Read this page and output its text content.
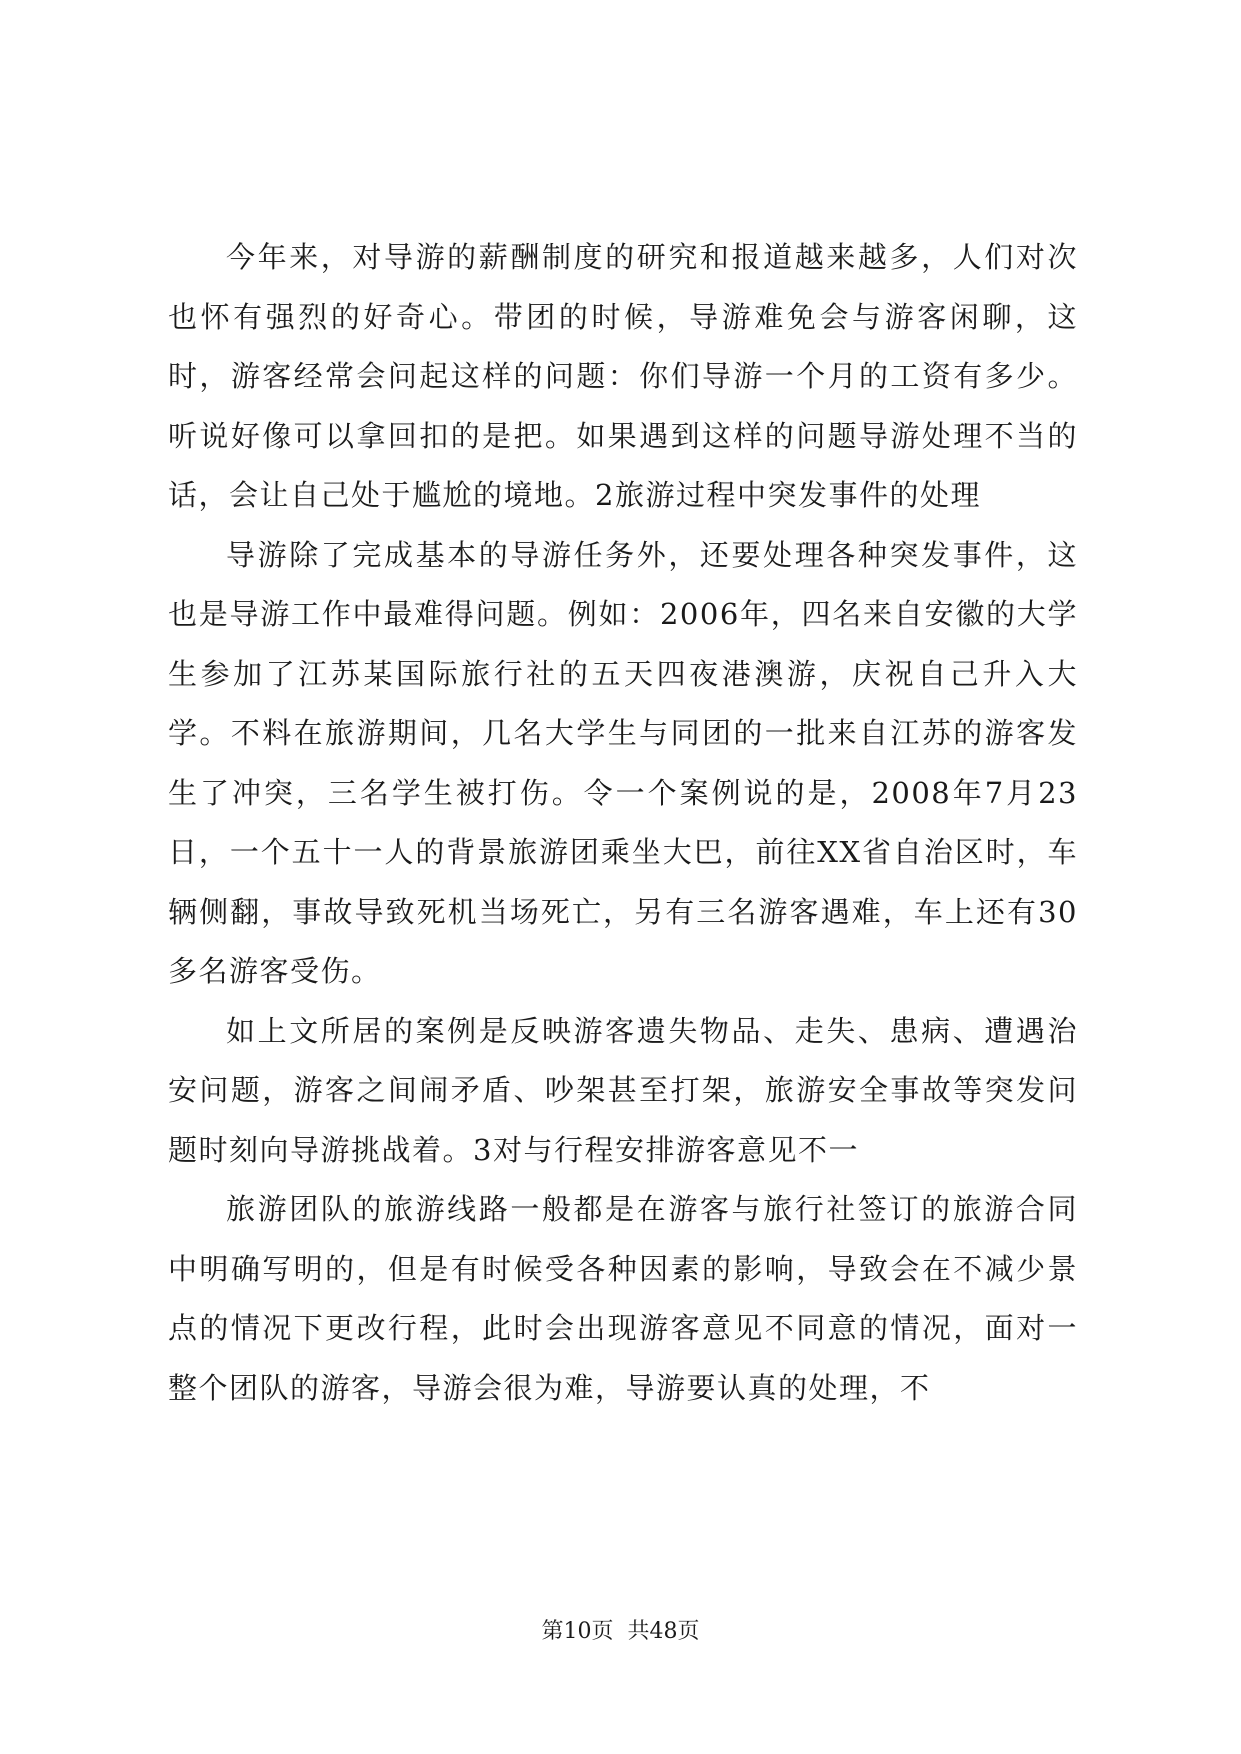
今年来，对导游的薪酬制度的研究和报道越来越多，人们对次也怀有强烈的好奇心。带团的时候，导游难免会与游客闲聊，这时，游客经常会问起这样的问题：你们导游一个月的工资有多少。听说好像可以拿回扣的是把。如果遇到这样的问题导游处理不当的话，会让自己处于尴尬的境地。2旅游过程中突发事件的处理

导游除了完成基本的导游任务外，还要处理各种突发事件，这也是导游工作中最难得问题。例如：2006年，四名来自安徽的大学生参加了江苏某国际旅行社的五天四夜港澳游，庆祝自己升入大学。不料在旅游期间，几名大学生与同团的一批来自江苏的游客发生了冲突，三名学生被打伤。令一个案例说的是，2008年7月23日，一个五十一人的背景旅游团乘坐大巴，前往XX省自治区时，车辆侧翻，事故导致死机当场死亡，另有三名游客遇难，车上还有30多名游客受伤。

如上文所居的案例是反映游客遗失物品、走失、患病、遭遇治安问题，游客之间闹矛盾、吵架甚至打架，旅游安全事故等突发问题时刻向导游挑战着。3对与行程安排游客意见不一

旅游团队的旅游线路一般都是在游客与旅行社签订的旅游合同中明确写明的，但是有时候受各种因素的影响，导致会在不减少景点的情况下更改行程，此时会出现游客意见不同意的情况，面对一整个团队的游客，导游会很为难，导游要认真的处理，不

第10页 共48页
